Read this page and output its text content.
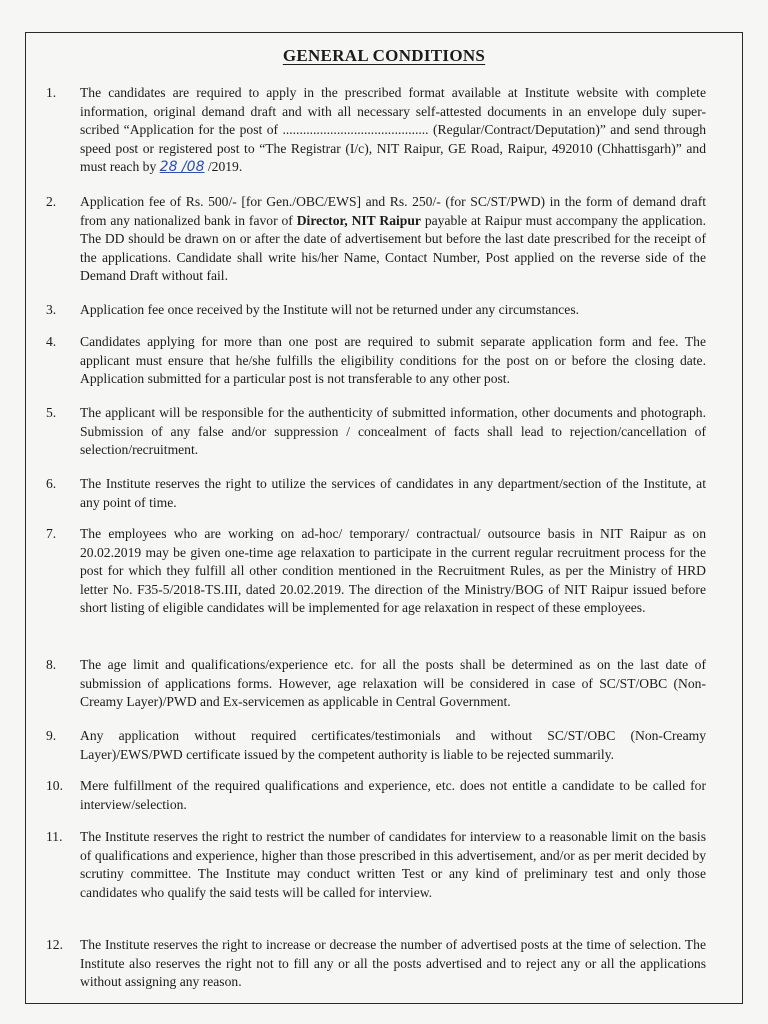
GENERAL CONDITIONS
1.	The candidates are required to apply in the prescribed format available at Institute website with complete information, original demand draft and with all necessary self-attested documents in an envelope duly super-scribed “Application for the post of ........................................... (Regular/Contract/Deputation)” and send through speed post or registered post to “The Registrar (I/c), NIT Raipur, GE Road, Raipur, 492010 (Chhattisgarh)” and must reach by 28 /08 /2019.
2.	Application fee of Rs. 500/- [for Gen./OBC/EWS] and Rs. 250/- (for SC/ST/PWD) in the form of demand draft from any nationalized bank in favor of Director, NIT Raipur payable at Raipur must accompany the application. The DD should be drawn on or after the date of advertisement but before the last date prescribed for the receipt of the applications. Candidate shall write his/her Name, Contact Number, Post applied on the reverse side of the Demand Draft without fail.
3.	Application fee once received by the Institute will not be returned under any circumstances.
4.	Candidates applying for more than one post are required to submit separate application form and fee. The applicant must ensure that he/she fulfills the eligibility conditions for the post on or before the closing date. Application submitted for a particular post is not transferable to any other post.
5.	The applicant will be responsible for the authenticity of submitted information, other documents and photograph. Submission of any false and/or suppression / concealment of facts shall lead to rejection/cancellation of selection/recruitment.
6.	The Institute reserves the right to utilize the services of candidates in any department/section of the Institute, at any point of time.
7.	The employees who are working on ad-hoc/ temporary/ contractual/ outsource basis in NIT Raipur as on 20.02.2019 may be given one-time age relaxation to participate in the current regular recruitment process for the post for which they fulfill all other condition mentioned in the Recruitment Rules, as per the Ministry of HRD letter No. F35-5/2018-TS.III, dated 20.02.2019. The direction of the Ministry/BOG of NIT Raipur issued before short listing of eligible candidates will be implemented for age relaxation in respect of these employees.
8.	The age limit and qualifications/experience etc. for all the posts shall be determined as on the last date of submission of applications forms. However, age relaxation will be considered in case of SC/ST/OBC (Non-Creamy Layer)/PWD and Ex-servicemen as applicable in Central Government.
9.	Any application without required certificates/testimonials and without SC/ST/OBC (Non-Creamy Layer)/EWS/PWD certificate issued by the competent authority is liable to be rejected summarily.
10.	Mere fulfillment of the required qualifications and experience, etc. does not entitle a candidate to be called for interview/selection.
11.	The Institute reserves the right to restrict the number of candidates for interview to a reasonable limit on the basis of qualifications and experience, higher than those prescribed in this advertisement, and/or as per merit decided by scrutiny committee. The Institute may conduct written Test or any kind of preliminary test and only those candidates who qualify the said tests will be called for interview.
12.	The Institute reserves the right to increase or decrease the number of advertised posts at the time of selection. The Institute also reserves the right not to fill any or all the posts advertised and to reject any or all the applications without assigning any reason.
